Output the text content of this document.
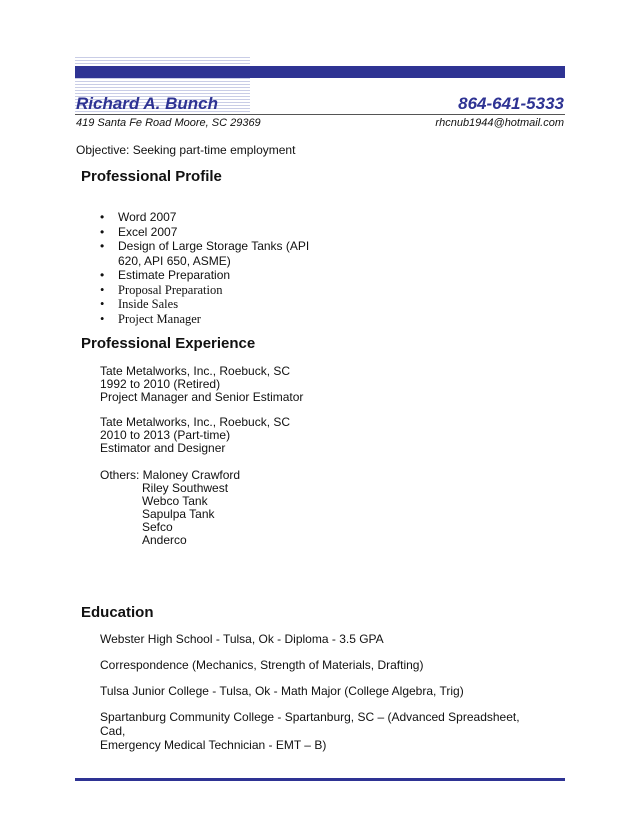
Richard A. Bunch	864-641-5333
419 Santa Fe Road Moore, SC 29369	rhcnub1944@hotmail.com
Objective: Seeking part-time employment
Professional Profile
• Word 2007
• Excel 2007
• Design of Large Storage Tanks (API
620, API 650, ASME)
• Estimate Preparation
• Proposal Preparation
• Inside Sales
• Project Manager
Professional Experience
Tate Metalworks, Inc., Roebuck, SC
1992 to 2010 (Retired)
Project Manager and Senior Estimator
Tate Metalworks, Inc., Roebuck, SC
2010 to 2013 (Part-time)
Estimator and Designer
Others: Maloney Crawford
Riley Southwest
Webco Tank
Sapulpa Tank
Sefco
Anderco
Education
Webster High School - Tulsa, Ok - Diploma - 3.5 GPA
Correspondence (Mechanics, Strength of Materials, Drafting)
Tulsa Junior College - Tulsa, Ok - Math Major (College Algebra, Trig)
Spartanburg Community College - Spartanburg, SC – (Advanced Spreadsheet, Cad,
Emergency Medical Technician - EMT – B)
